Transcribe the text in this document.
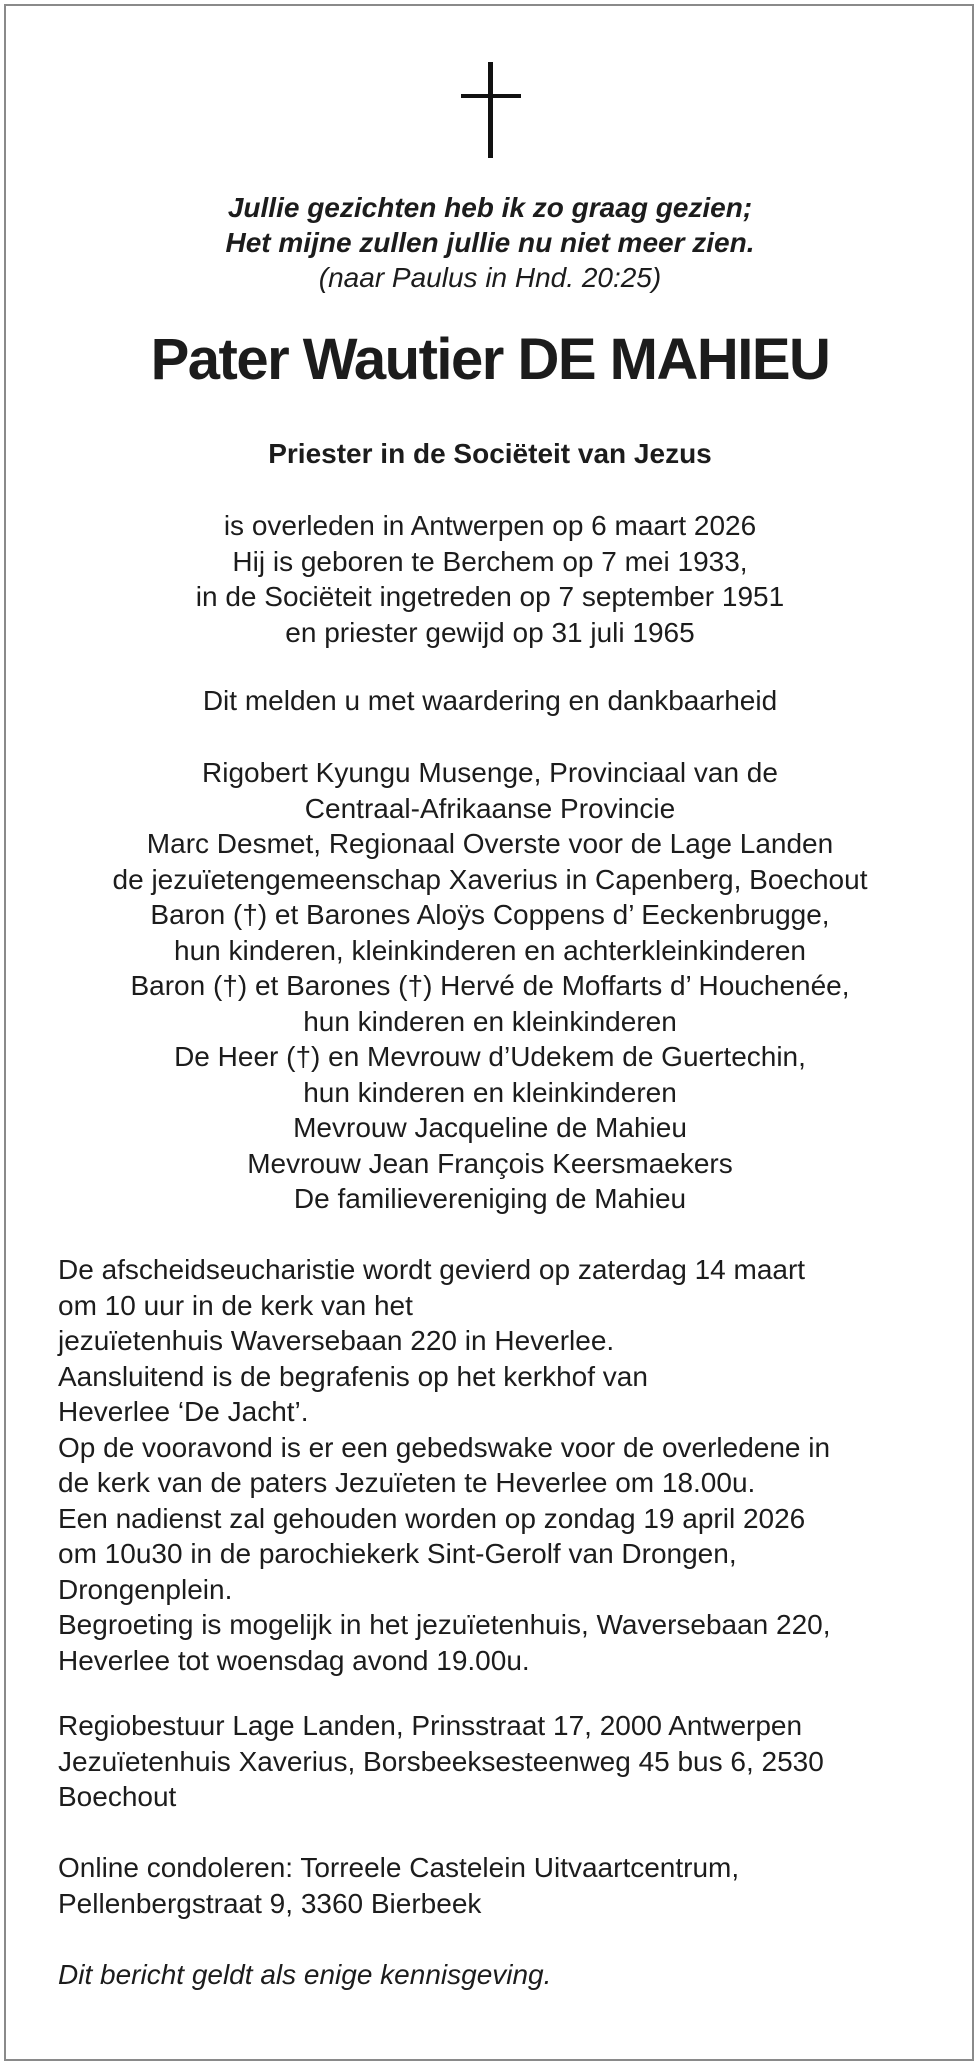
Jullie gezichten heb ik zo graag gezien;
Het mijne zullen jullie nu niet meer zien.
(naar Paulus in Hnd. 20:25)
Pater Wautier DE MAHIEU
Priester in de Sociëteit van Jezus
is overleden in Antwerpen op 6 maart 2026
Hij is geboren te Berchem op 7 mei 1933,
in de Sociëteit ingetreden op 7 september 1951
en priester gewijd op 31 juli 1965
Dit melden u met waardering en dankbaarheid
Rigobert Kyungu Musenge, Provinciaal van de
Centraal-Afrikaanse Provincie
Marc Desmet, Regionaal Overste voor de Lage Landen
de jezuïetengemeenschap Xaverius in Capenberg, Boechout
Baron (†) et Barones Aloÿs Coppens d’ Eeckenbrugge,
hun kinderen, kleinkinderen en achterkleinkinderen
Baron (†) et Barones (†) Hervé de Moffarts d’ Houchenée,
hun kinderen en kleinkinderen
De Heer (†) en Mevrouw d’Udekem de Guertechin,
hun kinderen en kleinkinderen
Mevrouw Jacqueline de Mahieu
Mevrouw Jean François Keersmaekers
De familievereniging de Mahieu
De afscheidseucharistie wordt gevierd op zaterdag 14 maart
om 10 uur in de kerk van het
jezuïetenhuis Waversebaan 220 in Heverlee.
Aansluitend is de begrafenis op het kerkhof van
Heverlee ‘De Jacht’.
Op de vooravond is er een gebedswake voor de overledene in
de kerk van de paters Jezuïeten te Heverlee om 18.00u.
Een nadienst zal gehouden worden op zondag 19 april 2026
om 10u30 in de parochiekerk Sint-Gerolf van Drongen,
Drongenplein.
Begroeting is mogelijk in het jezuïetenhuis, Waversebaan 220,
Heverlee tot woensdag avond 19.00u.
Regiobestuur Lage Landen, Prinsstraat 17, 2000 Antwerpen
Jezuïetenhuis Xaverius, Borsbeeksesteenweg 45 bus 6, 2530
Boechout
Online condoleren: Torreele Castelein Uitvaartcentrum,
Pellenbergstraat 9, 3360 Bierbeek
Dit bericht geldt als enige kennisgeving.
